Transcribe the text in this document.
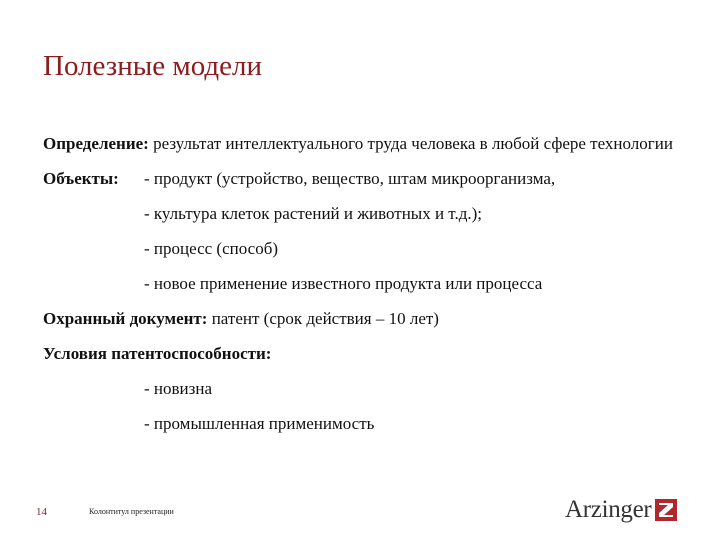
Полезные модели

Определение: результат интеллектуального труда человека в любой сфере технологии

Объекты:	- продукт (устройство, вещество, штам микроорганизма,

- культура клеток растений и животных и т.д.);

- процесс (способ)

- новое применение известного продукта или процесса

Охранный документ: патент (срок действия – 10 лет)

Условия патентоспособности:

- новизна

- промышленная применимость

14	Колонтитул презентации	Arzinger
